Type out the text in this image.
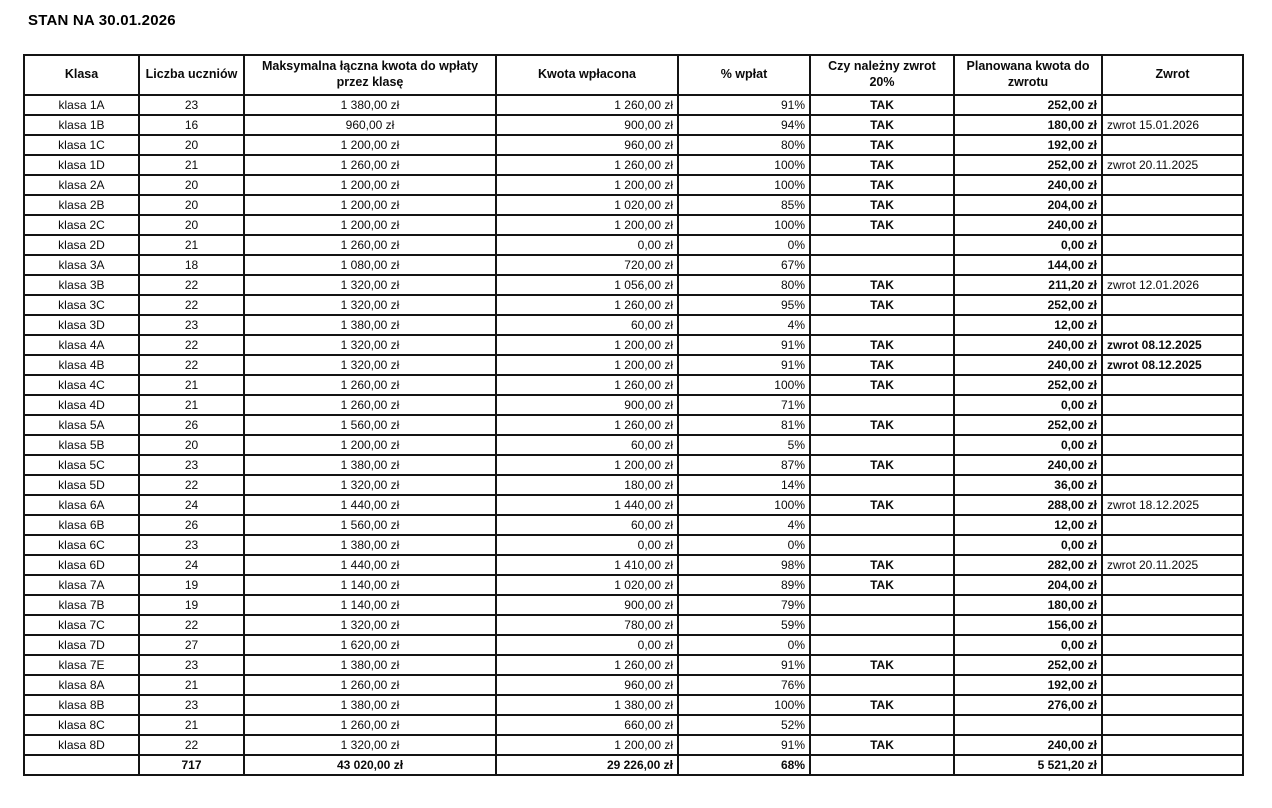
STAN NA 30.01.2026
Klasa	Liczba uczniów	Maksymalna łączna kwota do wpłaty przez klasę	Kwota wpłacona	% wpłat	Czy należny zwrot 20%	Planowana kwota do zwrotu	Zwrot
klasa 1A	23	1 380,00 zł	1 260,00 zł	91%	TAK	252,00 zł	
klasa 1B	16	960,00 zł	900,00 zł	94%	TAK	180,00 zł	zwrot 15.01.2026
klasa 1C	20	1 200,00 zł	960,00 zł	80%	TAK	192,00 zł	
klasa 1D	21	1 260,00 zł	1 260,00 zł	100%	TAK	252,00 zł	zwrot 20.11.2025
klasa 2A	20	1 200,00 zł	1 200,00 zł	100%	TAK	240,00 zł	
klasa 2B	20	1 200,00 zł	1 020,00 zł	85%	TAK	204,00 zł	
klasa 2C	20	1 200,00 zł	1 200,00 zł	100%	TAK	240,00 zł	
klasa 2D	21	1 260,00 zł	0,00 zł	0%		0,00 zł	
klasa 3A	18	1 080,00 zł	720,00 zł	67%		144,00 zł	
klasa 3B	22	1 320,00 zł	1 056,00 zł	80%	TAK	211,20 zł	zwrot 12.01.2026
klasa 3C	22	1 320,00 zł	1 260,00 zł	95%	TAK	252,00 zł	
klasa 3D	23	1 380,00 zł	60,00 zł	4%		12,00 zł	
klasa 4A	22	1 320,00 zł	1 200,00 zł	91%	TAK	240,00 zł	zwrot 08.12.2025
klasa 4B	22	1 320,00 zł	1 200,00 zł	91%	TAK	240,00 zł	zwrot 08.12.2025
klasa 4C	21	1 260,00 zł	1 260,00 zł	100%	TAK	252,00 zł	
klasa 4D	21	1 260,00 zł	900,00 zł	71%		0,00 zł	
klasa 5A	26	1 560,00 zł	1 260,00 zł	81%	TAK	252,00 zł	
klasa 5B	20	1 200,00 zł	60,00 zł	5%		0,00 zł	
klasa 5C	23	1 380,00 zł	1 200,00 zł	87%	TAK	240,00 zł	
klasa 5D	22	1 320,00 zł	180,00 zł	14%		36,00 zł	
klasa 6A	24	1 440,00 zł	1 440,00 zł	100%	TAK	288,00 zł	zwrot 18.12.2025
klasa 6B	26	1 560,00 zł	60,00 zł	4%		12,00 zł	
klasa 6C	23	1 380,00 zł	0,00 zł	0%		0,00 zł	
klasa 6D	24	1 440,00 zł	1 410,00 zł	98%	TAK	282,00 zł	zwrot 20.11.2025
klasa 7A	19	1 140,00 zł	1 020,00 zł	89%	TAK	204,00 zł	
klasa 7B	19	1 140,00 zł	900,00 zł	79%		180,00 zł	
klasa 7C	22	1 320,00 zł	780,00 zł	59%		156,00 zł	
klasa 7D	27	1 620,00 zł	0,00 zł	0%		0,00 zł	
klasa 7E	23	1 380,00 zł	1 260,00 zł	91%	TAK	252,00 zł	
klasa 8A	21	1 260,00 zł	960,00 zł	76%		192,00 zł	
klasa 8B	23	1 380,00 zł	1 380,00 zł	100%	TAK	276,00 zł	
klasa 8C	21	1 260,00 zł	660,00 zł	52%			
klasa 8D	22	1 320,00 zł	1 200,00 zł	91%	TAK	240,00 zł	
	717	43 020,00 zł	29 226,00 zł	68%		5 521,20 zł	
